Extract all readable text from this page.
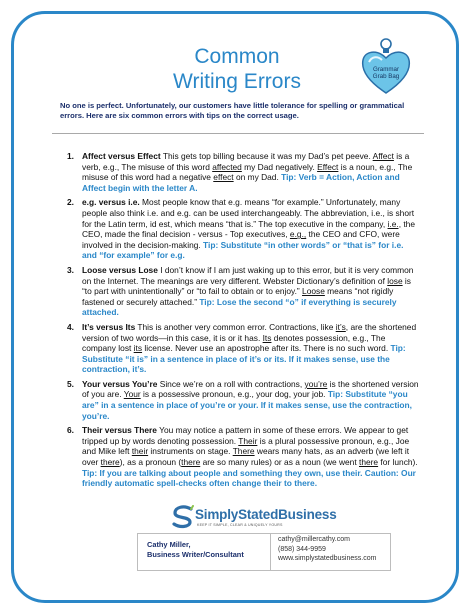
Common
Writing Errors
Grammar
Grab Bag
No one is perfect. Unfortunately, our customers have little tolerance for spelling or grammatical errors. Here are six common errors with tips on the correct usage.
1. Affect versus Effect This gets top billing because it was my Dad’s pet peeve. Affect is a verb, e.g., The misuse of this word affected my Dad negatively. Effect is a noun, e.g., The misuse of this word had a negative effect on my Dad. Tip: Verb = Action, Action and Affect begin with the letter A.
2. e.g. versus i.e. Most people know that e.g. means “for example.” Unfortunately, many people also think i.e. and e.g. can be used interchangeably. The abbreviation, i.e., is short for the Latin term, id est, which means “that is.” The top executive in the company, i.e., the CEO, made the final decision - versus - Top executives, e.g., the CEO and CFO, were involved in the decision-making. Tip: Substitute “in other words” or “that is” for i.e. and “for example” for e.g.
3. Loose versus Lose I don’t know if I am just waking up to this error, but it is very common on the Internet. The meanings are very different. Webster Dictionary’s definition of lose is “to part with unintentionally” or “to fail to obtain or to enjoy.” Loose means “not rigidly fastened or securely attached.” Tip: Lose the second “o” if everything is securely attached.
4. It’s versus Its This is another very common error. Contractions, like it’s, are the shortened version of two words—in this case, it is or it has. Its denotes possession, e.g., The company lost its license. Never use an apostrophe after its. There is no such word. Tip: Substitute “it is” in a sentence in place of it’s or its. If it makes sense, use the contraction, it’s.
5. Your versus You’re Since we’re on a roll with contractions, you’re is the shortened version of you are. Your is a possessive pronoun, e.g., your dog, your job. Tip: Substitute “you are” in a sentence in place of you’re or your. If it makes sense, use the contraction, you’re.
6. Their versus There You may notice a pattern in some of these errors. We appear to get tripped up by words denoting possession. Their is a plural possessive pronoun, e.g., Joe and Mike left their instruments on stage. There wears many hats, as an adverb (we left it over there), as a pronoun (there are so many rules) or as a noun (we went there for lunch). Tip: If you are talking about people and something they own, use their. Caution: Our friendly automatic spell-checks often change their to there.
SimplyStatedBusiness
KEEP IT SIMPLE, CLEAR & UNIQUELY YOURS
Cathy Miller,
Business Writer/Consultant
cathy@millercathy.com
(858) 344-9959
www.simplystatedbusiness.com
